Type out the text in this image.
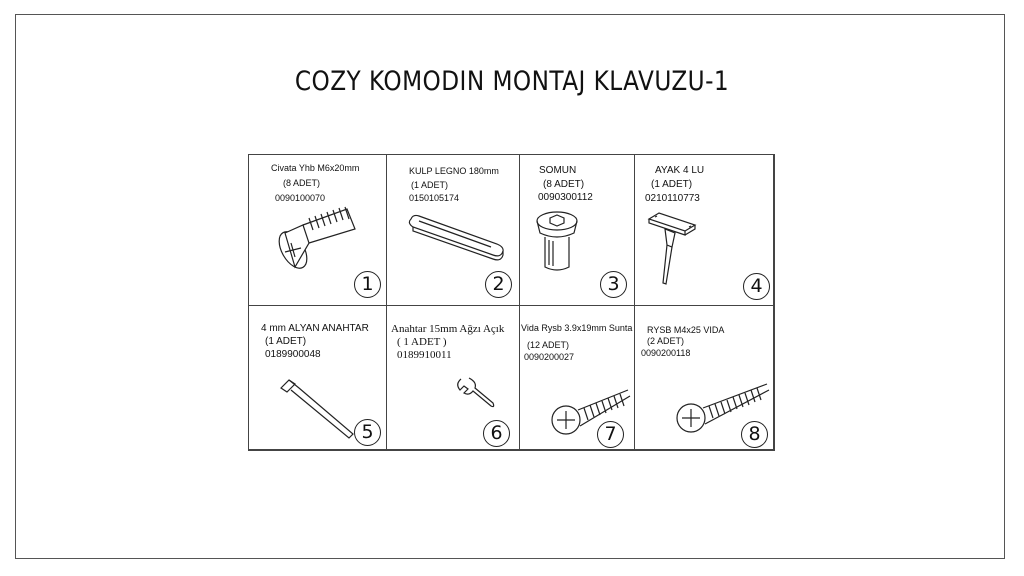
COZY KOMODIN MONTAJ KLAVUZU-1
Civata Yhb M6x20mm
(8 ADET)
0090100070
1
KULP LEGNO 180mm
(1 ADET)
0150105174
2
SOMUN
(8 ADET)
0090300112
3
AYAK 4 LU
(1 ADET)
0210110773
4
4 mm ALYAN ANAHTAR
(1 ADET)
0189900048
5
Anahtar 15mm Ağzı Açık
( 1 ADET )
0189910011
6
Vida Rysb 3.9x19mm Sunta
(12 ADET)
0090200027
7
RYSB M4x25 VIDA
(2 ADET)
0090200118
8
